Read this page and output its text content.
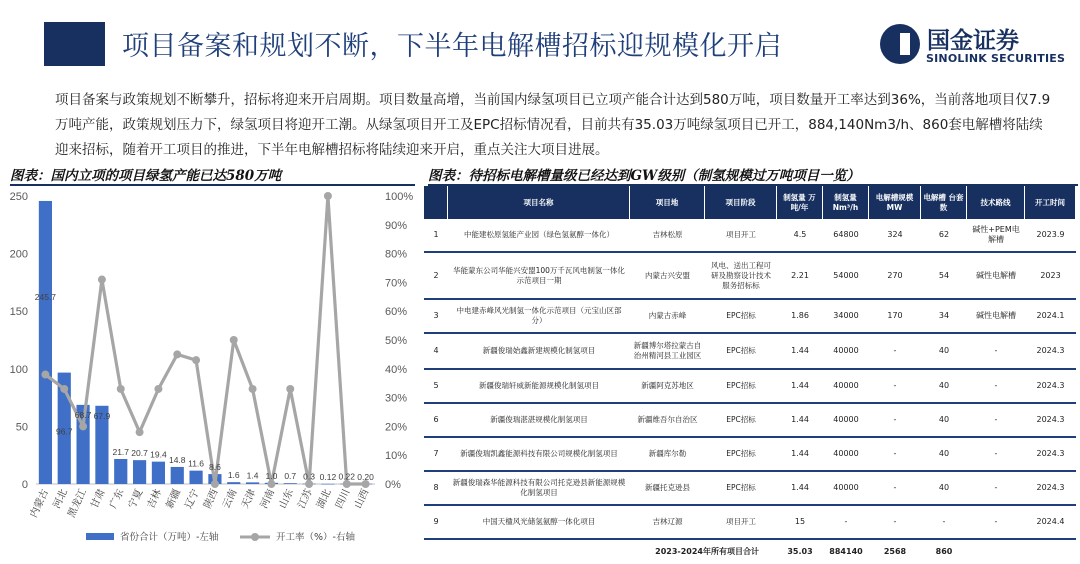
项目备案和规划不断，下半年电解槽招标迎规模化开启	国金证券
SINOLINK SECURITIES
项目备案与政策规划不断攀升，招标将迎来开启周期。项目数量高增，当前国内绿氢项目已立项产能合计达到580万吨，项目数量开工率达到36%，当前落地项目仅7.9万吨产能，政策规划压力下，绿氢项目将迎开工潮。从绿氢项目开工及EPC招标情况看，目前共有35.03万吨绿氢项目已开工，884,140Nm3/h、860套电解槽将陆续迎来招标，随着开工项目的推进，下半年电解槽招标将陆续迎来开启，重点关注大项目进展。
图表：国内立项的项目绿氢产能已达580万吨	图表：待招标电解槽量级已经达到GW级别（制氢规模过万吨项目一览）
0
50
100
150
200
250
0%
10%
20%
30%
40%
50%
60%
70%
80%
90%
100%
245.7
96.7
68.7 67.9
21.7 20.7 19.4
14.8 11.6 8.6
1.6 1.4 1.0 0.7 0.3 0.12 0.22 0.20
内蒙古 河北
黑龙江 甘肃 广东 宁夏 吉林 新疆 辽宁 陕西 云南 天津 河南 山东 江苏 湖北 四川 山西
省份合计（万吨）-左轴	开工率（%）-右轴
	项目名称	项目地	项目阶段	制氢量 万吨/年	制氢量 Nm³/h	电解槽规模 MW	电解槽 台套数	技术路线	开工时间
1	中能建松原氢能产业园（绿色氢氨醇一体化）	吉林松原	项目开工	4.5	64800	324	62	碱性+PEM电解槽	2023.9
2	华能蒙东公司华能兴安盟100万千瓦风电制氢一体化示范项目一期	内蒙古兴安盟	风电、送出工程可研及勘察设计技术服务招标标	2.21	54000	270	54	碱性电解槽	2023
3	中电建赤峰风光制氢一体化示范项目（元宝山区部分）	内蒙古赤峰	EPC招标	1.86	34000	170	34	碱性电解槽	2024.1
4	新疆俊瑞始鑫新建规模化制氢项目	新疆博尔塔拉蒙古自治州精河县工业园区	EPC招标	1.44	40000	-	40	-	2024.3
5	新疆俊瑞轩威新能源规模化制氢项目	新疆阿克苏地区	EPC招标	1.44	40000	-	40	-	2024.3
6	新疆俊瑞湛湛规模化制氢项目	新疆维吾尔自治区	EPC招标	1.44	40000	-	40	-	2024.3
7	新疆俊瑞凯鑫能源科技有限公司规模化制氢项目	新疆库尔勒	EPC招标	1.44	40000	-	40	-	2024.3
8	新疆俊瑞森华能源科技有限公司托克逊县新能源规模化制氢项目	新疆托克逊县	EPC招标	1.44	40000	-	40	-	2024.3
9	中国天楹风光储氢氨醇一体化项目	吉林辽源	项目开工	15	-	-	-	-	2024.4
2023-2024年所有项目合计				35.03	884140	2568	860		
